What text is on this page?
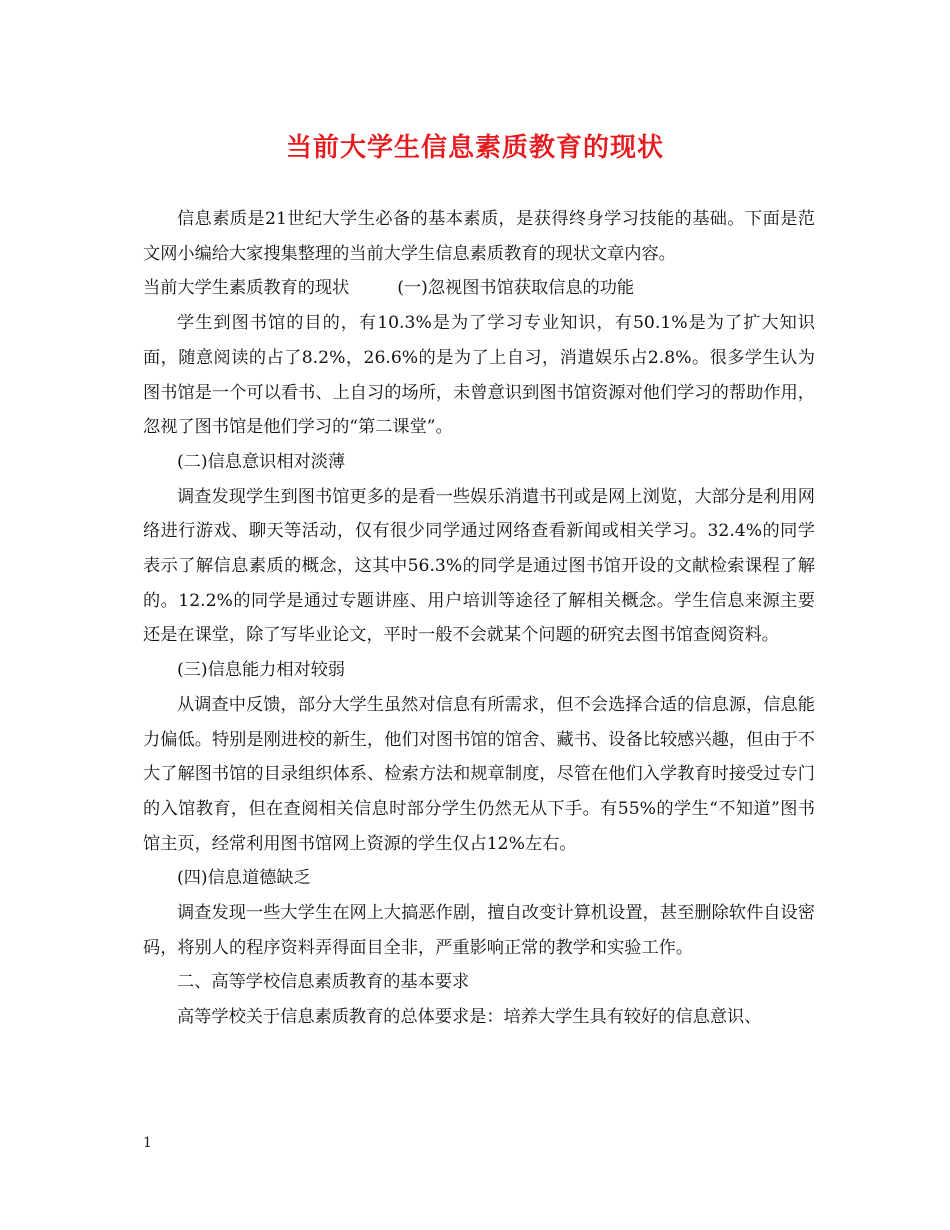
当前大学生信息素质教育的现状

信息素质是21世纪大学生必备的基本素质，是获得终身学习技能的基础。下面是范文网小编给大家搜集整理的当前大学生信息素质教育的现状文章内容。

当前大学生素质教育的现状	(一)忽视图书馆获取信息的功能

学生到图书馆的目的，有10.3%是为了学习专业知识，有50.1%是为了扩大知识面，随意阅读的占了8.2%，26.6%的是为了上自习，消遣娱乐占2.8%。很多学生认为图书馆是一个可以看书、上自习的场所，未曾意识到图书馆资源对他们学习的帮助作用，忽视了图书馆是他们学习的“第二课堂”。

(二)信息意识相对淡薄

调查发现学生到图书馆更多的是看一些娱乐消遣书刊或是网上浏览，大部分是利用网络进行游戏、聊天等活动，仅有很少同学通过网络查看新闻或相关学习。32.4%的同学表示了解信息素质的概念，这其中56.3%的同学是通过图书馆开设的文献检索课程了解的。12.2%的同学是通过专题讲座、用户培训等途径了解相关概念。学生信息来源主要还是在课堂，除了写毕业论文，平时一般不会就某个问题的研究去图书馆查阅资料。

(三)信息能力相对较弱

从调查中反馈，部分大学生虽然对信息有所需求，但不会选择合适的信息源，信息能力偏低。特别是刚进校的新生，他们对图书馆的馆舍、藏书、设备比较感兴趣，但由于不大了解图书馆的目录组织体系、检索方法和规章制度，尽管在他们入学教育时接受过专门的入馆教育，但在查阅相关信息时部分学生仍然无从下手。有55%的学生“不知道”图书馆主页，经常利用图书馆网上资源的学生仅占12%左右。

(四)信息道德缺乏

调查发现一些大学生在网上大搞恶作剧，擅自改变计算机设置，甚至删除软件自设密码，将别人的程序资料弄得面目全非，严重影响正常的教学和实验工作。

二、高等学校信息素质教育的基本要求

高等学校关于信息素质教育的总体要求是：培养大学生具有较好的信息意识、

1
